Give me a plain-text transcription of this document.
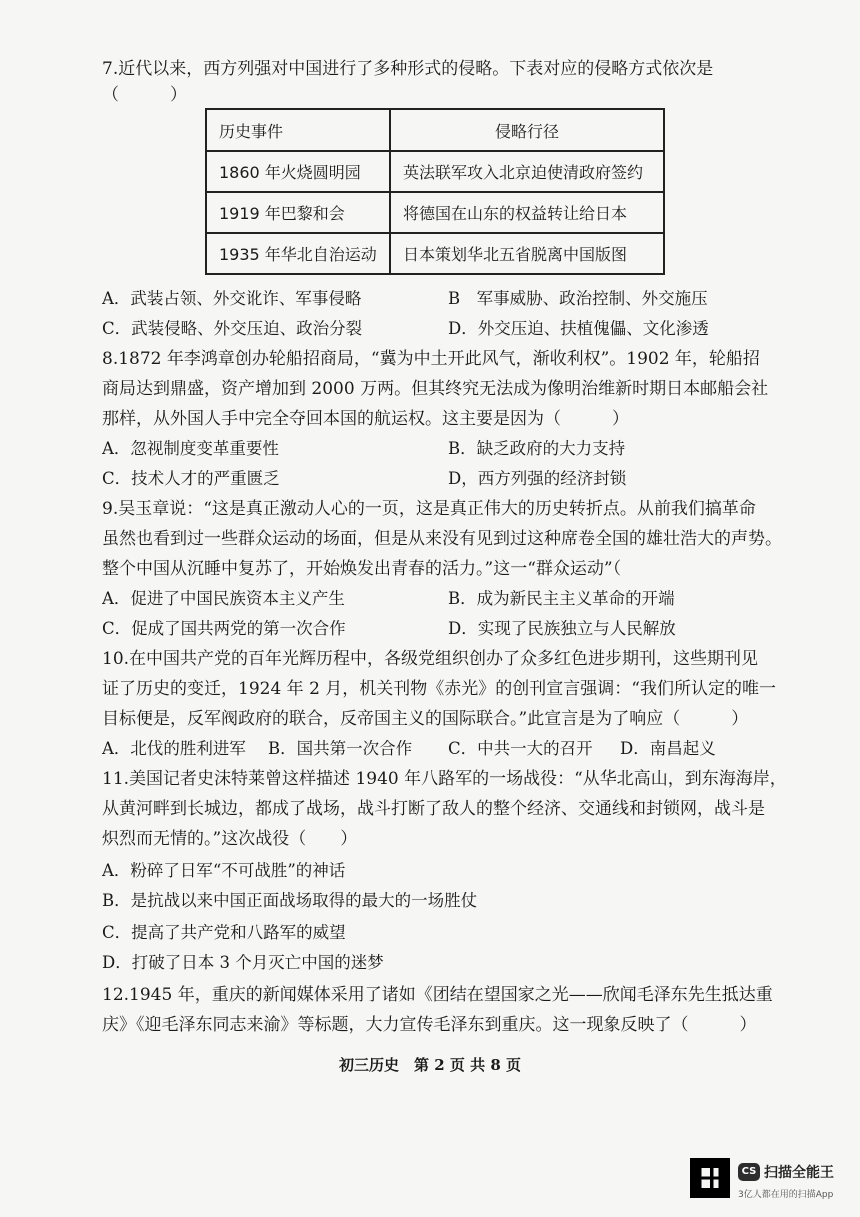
7.近代以来，西方列强对中国进行了多种形式的侵略。下表对应的侵略方式依次是
（　　　）
历史事件	侵略行径
1860 年火烧圆明园	英法联军攻入北京迫使清政府签约
1919 年巴黎和会	将德国在山东的权益转让给日本
1935 年华北自治运动	日本策划华北五省脱离中国版图
A．武装占领、外交讹诈、军事侵略	B　军事威胁、政治控制、外交施压
C．武装侵略、外交压迫、政治分裂	D．外交压迫、扶植傀儡、文化渗透
8.1872 年李鸿章创办轮船招商局，“冀为中土开此风气，渐收利权”。1902 年，轮船招
商局达到鼎盛，资产增加到 2000 万两。但其终究无法成为像明治维新时期日本邮船会社
那样，从外国人手中完全夺回本国的航运权。这主要是因为（　　　）
A．忽视制度变革重要性	B．缺乏政府的大力支持
C．技术人才的严重匮乏	D，西方列强的经济封锁
9.吴玉章说：“这是真正激动人心的一页，这是真正伟大的历史转折点。从前我们搞革命
虽然也看到过一些群众运动的场面，但是从来没有见到过这种席卷全国的雄壮浩大的声势。
整个中国从沉睡中复苏了，开始焕发出青春的活力。”这一“群众运动”（
A．促进了中国民族资本主义产生	B．成为新民主主义革命的开端
C．促成了国共两党的第一次合作	D．实现了民族独立与人民解放
10.在中国共产党的百年光辉历程中，各级党组织创办了众多红色进步期刊，这些期刊见
证了历史的变迁，1924 年 2 月，机关刊物《赤光》的创刊宣言强调：“我们所认定的唯一
目标便是，反军阀政府的联合，反帝国主义的国际联合。”此宣言是为了响应（　　　）
A．北伐的胜利进军 B．国共第一次合作 C．中共一大的召开 D．南昌起义
11.美国记者史沫特莱曾这样描述 1940 年八路军的一场战役：“从华北高山，到东海海岸，
从黄河畔到长城边，都成了战场，战斗打断了敌人的整个经济、交通线和封锁网，战斗是
炽烈而无情的。”这次战役（　　）
A．粉碎了日军“不可战胜”的神话
B．是抗战以来中国正面战场取得的最大的一场胜仗
C．提高了共产党和八路军的威望
D．打破了日本 3 个月灭亡中国的迷梦
12.1945 年，重庆的新闻媒体采用了诸如《团结在望国家之光——欣闻毛泽东先生抵达重
庆》《迎毛泽东同志来渝》等标题，大力宣传毛泽东到重庆。这一现象反映了（　　　）
初三历史　第 2 页 共 8 页
CS 扫描全能王
3亿人都在用的扫描App
